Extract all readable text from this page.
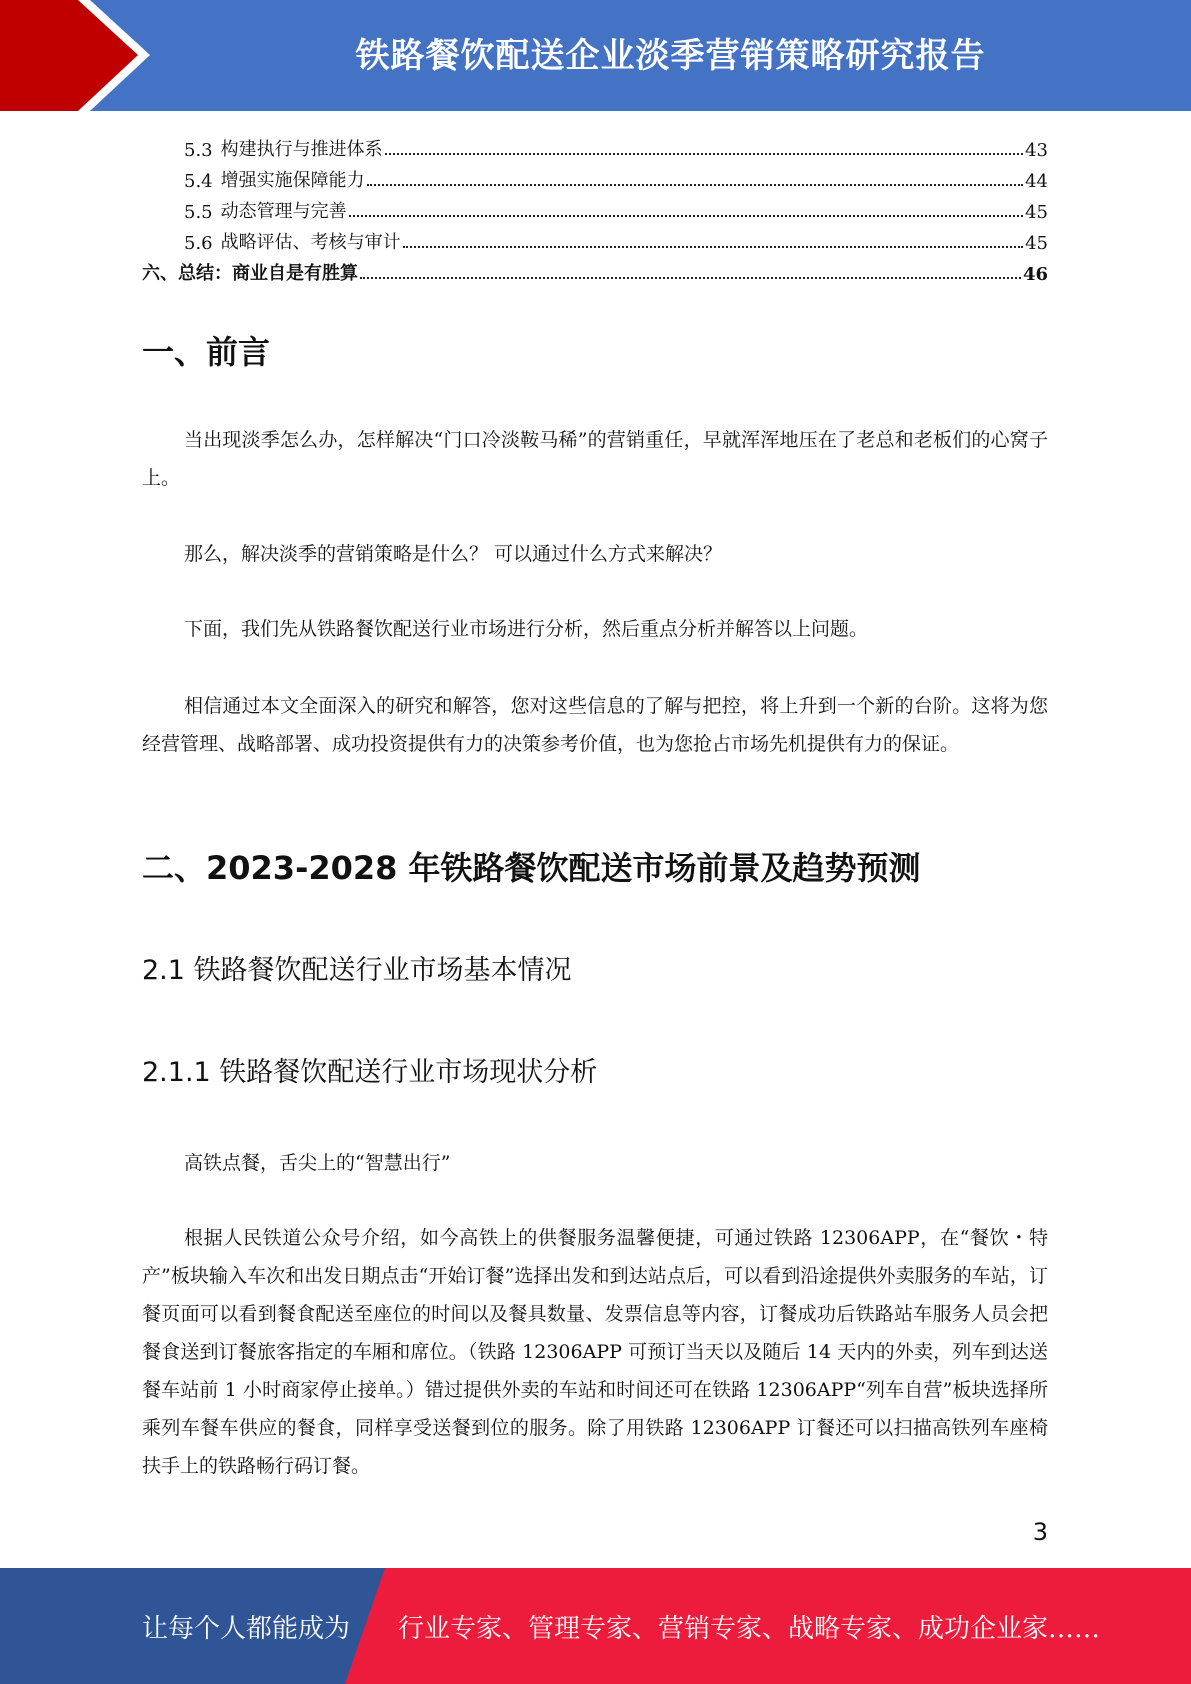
铁路餐饮配送企业淡季营销策略研究报告
5.3 构建执行与推进体系	43
5.4 增强实施保障能力	44
5.5 动态管理与完善	45
5.6 战略评估、考核与审计	45
六、总结：商业自是有胜算	46
一、前言
当出现淡季怎么办，怎样解决“门口冷淡鞍马稀”的营销重任，早就浑浑地压在了老总和老板们的心窝子上。
那么，解决淡季的营销策略是什么？ 可以通过什么方式来解决？
下面，我们先从铁路餐饮配送行业市场进行分析，然后重点分析并解答以上问题。
相信通过本文全面深入的研究和解答，您对这些信息的了解与把控，将上升到一个新的台阶。这将为您经营管理、战略部署、成功投资提供有力的决策参考价值，也为您抢占市场先机提供有力的保证。
二、2023-2028 年铁路餐饮配送市场前景及趋势预测
2.1 铁路餐饮配送行业市场基本情况
2.1.1 铁路餐饮配送行业市场现状分析
高铁点餐，舌尖上的“智慧出行”
根据人民铁道公众号介绍，如今高铁上的供餐服务温馨便捷，可通过铁路 12306APP，在“餐饮・特产”板块输入车次和出发日期点击“开始订餐”选择出发和到达站点后，可以看到沿途提供外卖服务的车站，订餐页面可以看到餐食配送至座位的时间以及餐具数量、发票信息等内容，订餐成功后铁路站车服务人员会把餐食送到订餐旅客指定的车厢和席位。（铁路 12306APP 可预订当天以及随后 14 天内的外卖，列车到达送餐车站前 1 小时商家停止接单。）错过提供外卖的车站和时间还可在铁路 12306APP“列车自营”板块选择所乘列车餐车供应的餐食，同样享受送餐到位的服务。除了用铁路 12306APP 订餐还可以扫描高铁列车座椅扶手上的铁路畅行码订餐。
3
让每个人都能成为 行业专家、管理专家、营销专家、战略专家、成功企业家……
